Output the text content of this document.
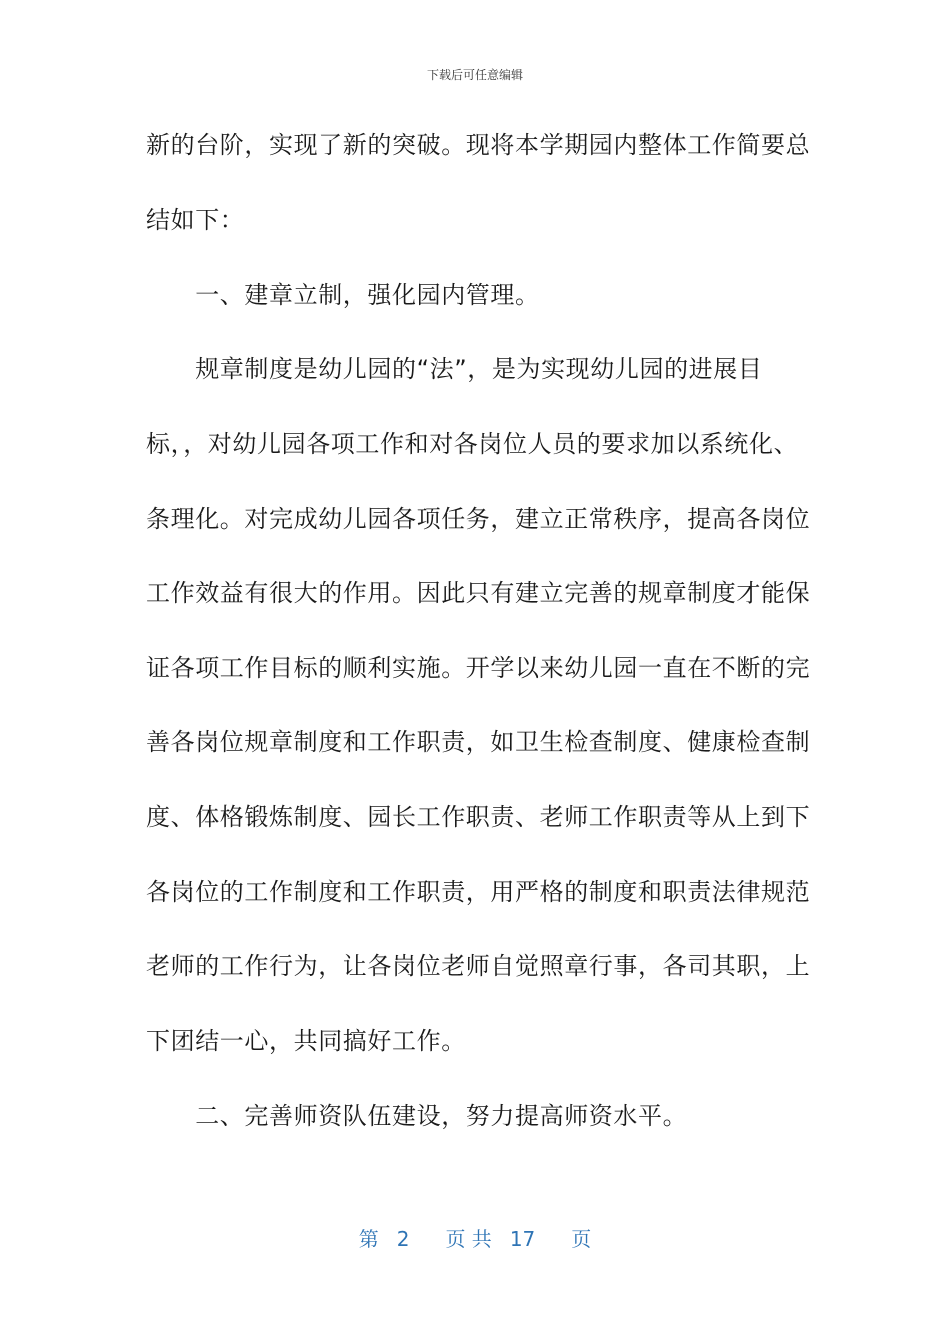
下载后可任意编辑
新的台阶，实现了新的突破。现将本学期园内整体工作简要总
结如下：
　　一、建章立制，强化园内管理。
　　规章制度是幼儿园的“法”，是为实现幼儿园的进展目
标，，对幼儿园各项工作和对各岗位人员的要求加以系统化、
条理化。对完成幼儿园各项任务，建立正常秩序，提高各岗位
工作效益有很大的作用。因此只有建立完善的规章制度才能保
证各项工作目标的顺利实施。开学以来幼儿园一直在不断的完
善各岗位规章制度和工作职责，如卫生检查制度、健康检查制
度、体格锻炼制度、园长工作职责、老师工作职责等从上到下
各岗位的工作制度和工作职责，用严格的制度和职责法律规范
老师的工作行为，让各岗位老师自觉照章行事，各司其职，上
下团结一心，共同搞好工作。
　　二、完善师资队伍建设，努力提高师资水平。
第 2 页 共 17 页
